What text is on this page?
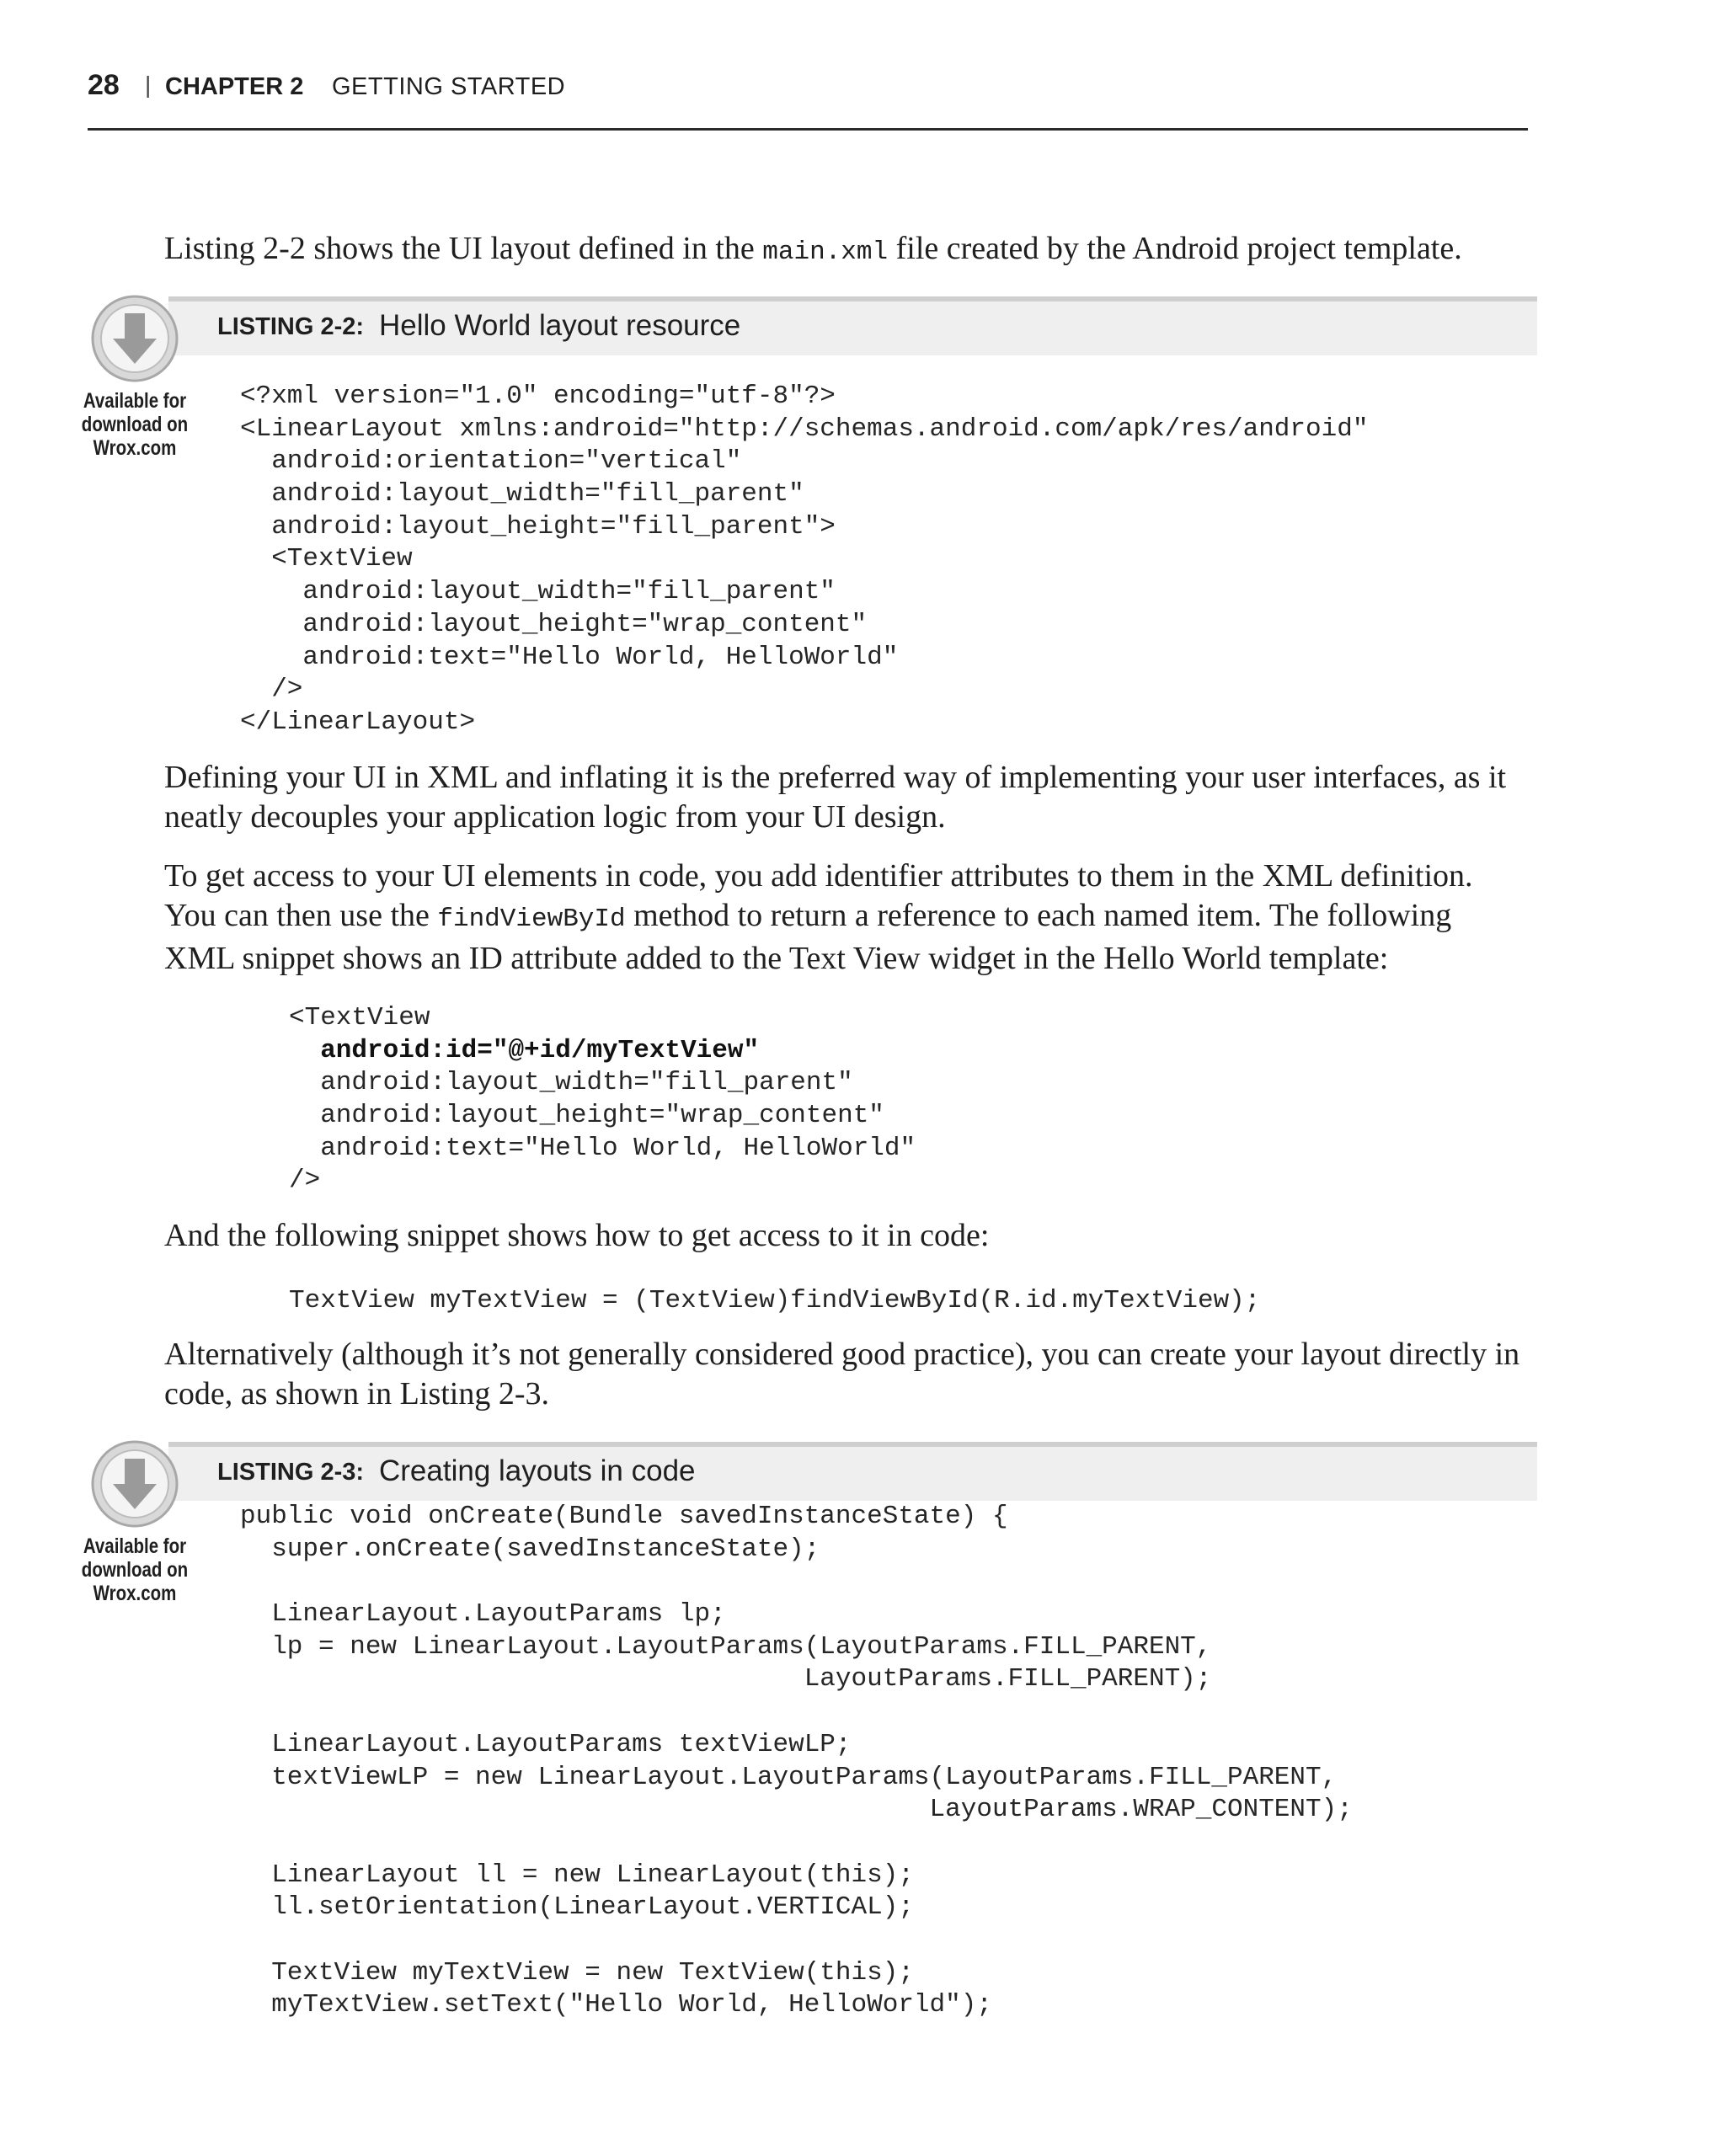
28 | CHAPTER 2 GETTING STARTED
Listing 2-2 shows the UI layout defined in the main.xml file created by the Android project template.
LISTING 2-2: Hello World layout resource
Available for
download on
Wrox.com
<?xml version="1.0" encoding="utf-8"?>
<LinearLayout xmlns:android="http://schemas.android.com/apk/res/android"
android:orientation="vertical"
android:layout_width="fill_parent"
android:layout_height="fill_parent">
<TextView
android:layout_width="fill_parent"
android:layout_height="wrap_content"
android:text="Hello World, HelloWorld"
/>
</LinearLayout>
Defining your UI in XML and inflating it is the preferred way of implementing your user interfaces, as it neatly decouples your application logic from your UI design.
To get access to your UI elements in code, you add identifier attributes to them in the XML definition.
You can then use the findViewById method to return a reference to each named item. The following
XML snippet shows an ID attribute added to the Text View widget in the Hello World template:
<TextView
android:id="@+id/myTextView"
android:layout_width="fill_parent"
android:layout_height="wrap_content"
android:text="Hello World, HelloWorld"
/>
And the following snippet shows how to get access to it in code:
TextView myTextView = (TextView)findViewById(R.id.myTextView);
Alternatively (although it’s not generally considered good practice), you can create your layout directly in code, as shown in Listing 2-3.
LISTING 2-3: Creating layouts in code
Available for
download on
Wrox.com
public void onCreate(Bundle savedInstanceState) {
super.onCreate(savedInstanceState);
LinearLayout.LayoutParams lp;
lp = new LinearLayout.LayoutParams(LayoutParams.FILL_PARENT,
LayoutParams.FILL_PARENT);
LinearLayout.LayoutParams textViewLP;
textViewLP = new LinearLayout.LayoutParams(LayoutParams.FILL_PARENT,
LayoutParams.WRAP_CONTENT);
LinearLayout ll = new LinearLayout(this);
ll.setOrientation(LinearLayout.VERTICAL);
TextView myTextView = new TextView(this);
myTextView.setText("Hello World, HelloWorld");
